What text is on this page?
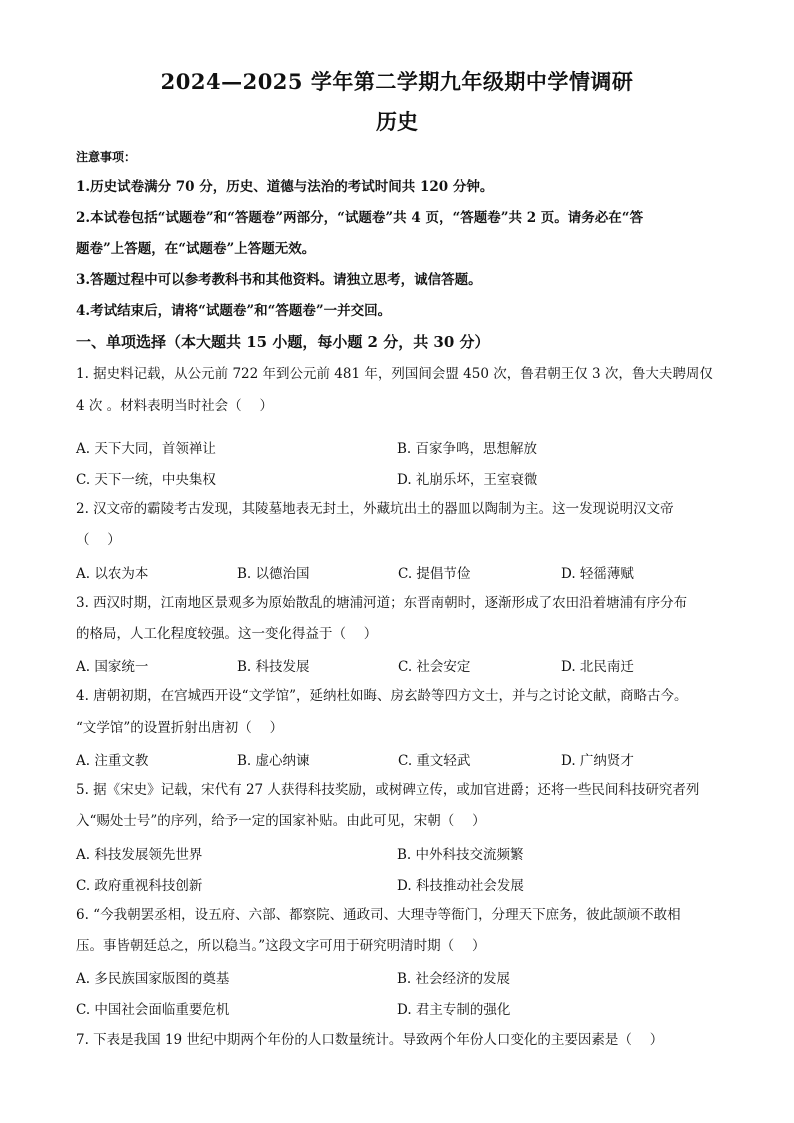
2024—2025 学年第二学期九年级期中学情调研
历史
注意事项：
1.历史试卷满分 70 分，历史、道德与法治的考试时间共 120 分钟。
2.本试卷包括“试题卷”和“答题卷”两部分，“试题卷”共 4 页，“答题卷”共 2 页。请务必在“答
题卷”上答题，在“试题卷”上答题无效。
3.答题过程中可以参考教科书和其他资料。请独立思考，诚信答题。
4.考试结束后，请将“试题卷”和“答题卷”一并交回。
一、单项选择（本大题共 15 小题，每小题 2 分，共 30 分）
1. 据史料记载，从公元前 722 年到公元前 481 年，列国间会盟 450 次，鲁君朝王仅 3 次，鲁大夫聘周仅
4 次 。材料表明当时社会（　 ）
A. 天下大同，首领禅让	B. 百家争鸣，思想解放
C. 天下一统，中央集权	D. 礼崩乐坏，王室衰微
2. 汉文帝的霸陵考古发现，其陵墓地表无封土，外藏坑出土的器皿以陶制为主。这一发现说明汉文帝
（　 ）
A. 以农为本	B. 以德治国	C. 提倡节俭	D. 轻徭薄赋
3. 西汉时期，江南地区景观多为原始散乱的塘浦河道；东晋南朝时，逐渐形成了农田沿着塘浦有序分布
的格局，人工化程度较强。这一变化得益于（　 ）
A. 国家统一	B. 科技发展	C. 社会安定	D. 北民南迁
4. 唐朝初期，在宫城西开设“文学馆”，延纳杜如晦、房玄龄等四方文士，并与之讨论文献，商略古今。
“文学馆”的设置折射出唐初（　 ）
A. 注重文教	B. 虚心纳谏	C. 重文轻武	D. 广纳贤才
5. 据《宋史》记载，宋代有 27 人获得科技奖励，或树碑立传，或加官进爵；还将一些民间科技研究者列
入“赐处士号”的序列，给予一定的国家补贴。由此可见，宋朝（　 ）
A. 科技发展领先世界	B. 中外科技交流频繁
C. 政府重视科技创新	D. 科技推动社会发展
6. “今我朝罢丞相，设五府、六部、都察院、通政司、大理寺等衙门，分理天下庶务，彼此颉颃不敢相
压。事皆朝廷总之，所以稳当。”这段文字可用于研究明清时期（　 ）
A. 多民族国家版图的奠基	B. 社会经济的发展
C. 中国社会面临重要危机	D. 君主专制的强化
7. 下表是我国 19 世纪中期两个年份的人口数量统计。导致两个年份人口变化的主要因素是（　 ）
